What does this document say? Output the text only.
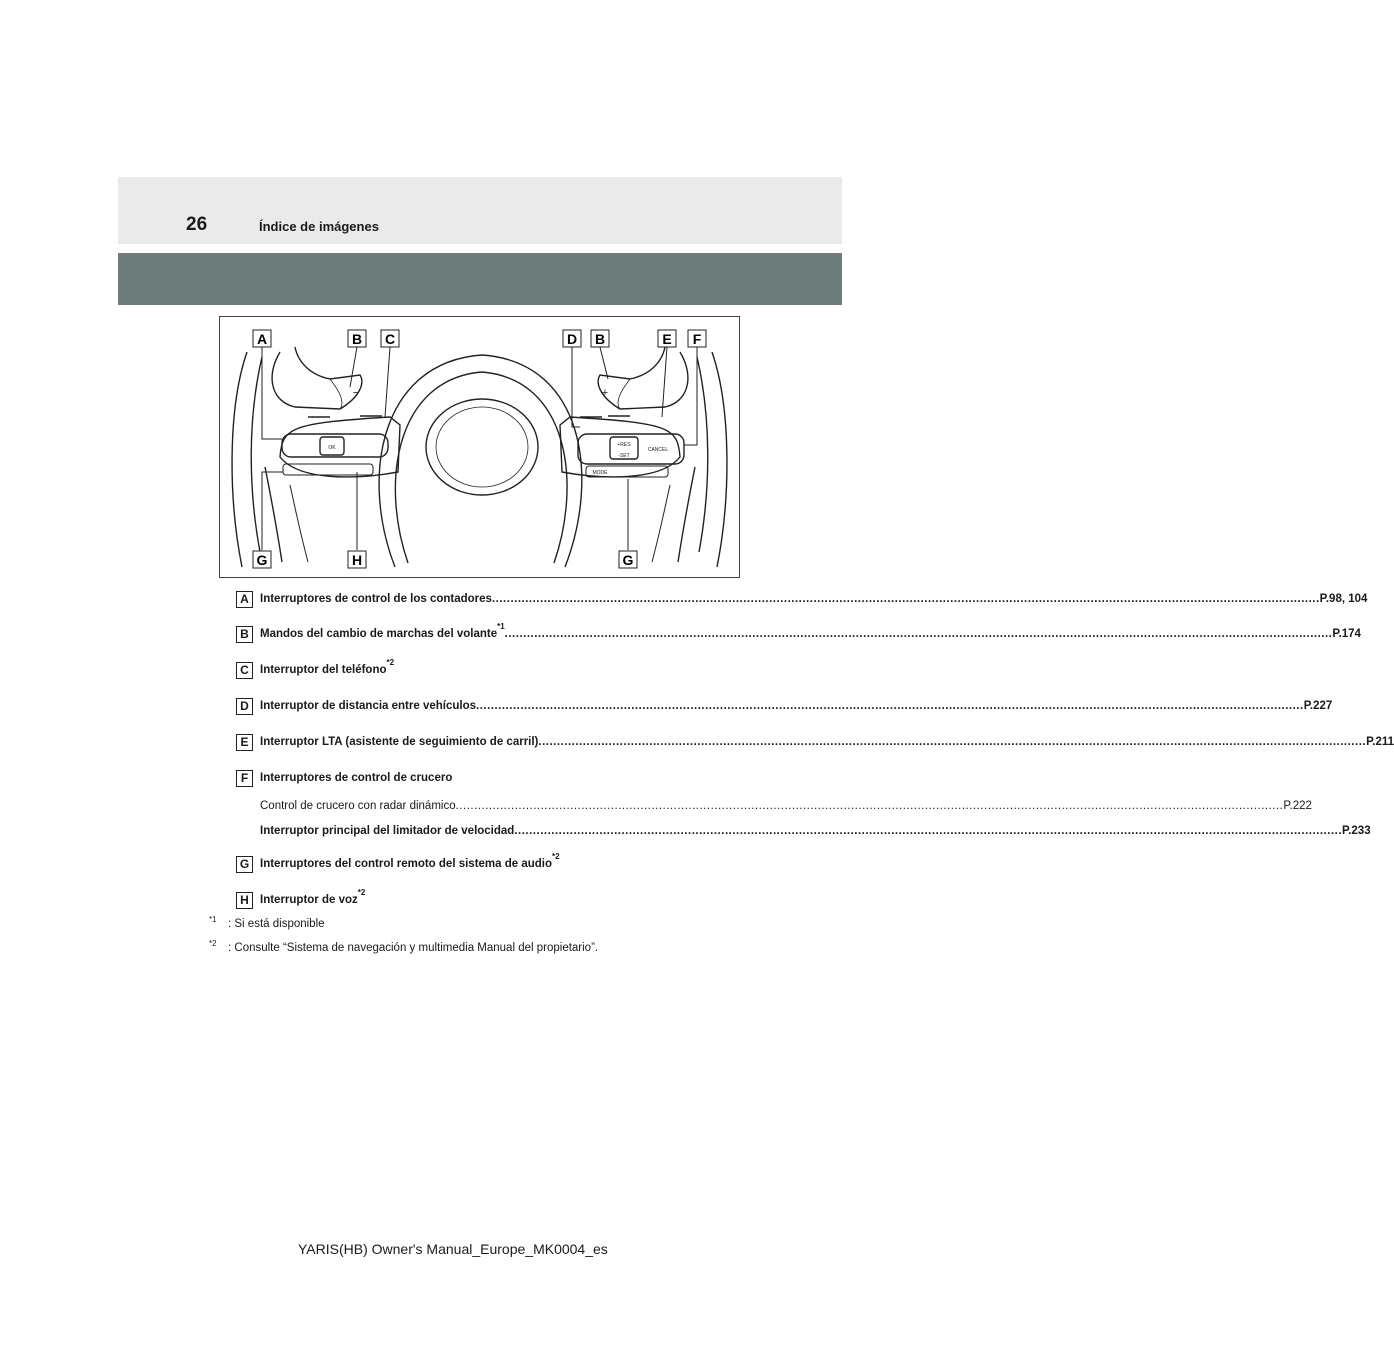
26	Índice de imágenes
A	B C	D B	E F
G	H	G
OK
MODE
+RES
-SET
CANCEL
−	+
A Interruptores de control de los contadores .....	P.98, 104
B Mandos del cambio de marchas del volante
*1
.....
P.174
C Interruptor del teléfono
*2
D Interruptor de distancia entre vehículos .....	P.227
E	Interruptor LTA (asistente de seguimiento de carril) .....	P.211
F	Interruptores de control de crucero
Control de crucero con radar dinámico .....	P.222
Interruptor principal del limitador de velocidad .....	P.233
G Interruptores del control remoto del sistema de audio
*2
H Interruptor de voz
*2
$^{*1}$ : Si está disponible
$^{*2}$ : Consulte “Sistema de navegación y multimedia Manual del propietario”.
YARIS(HB) Owner's Manual_Europe_MK0004_es
